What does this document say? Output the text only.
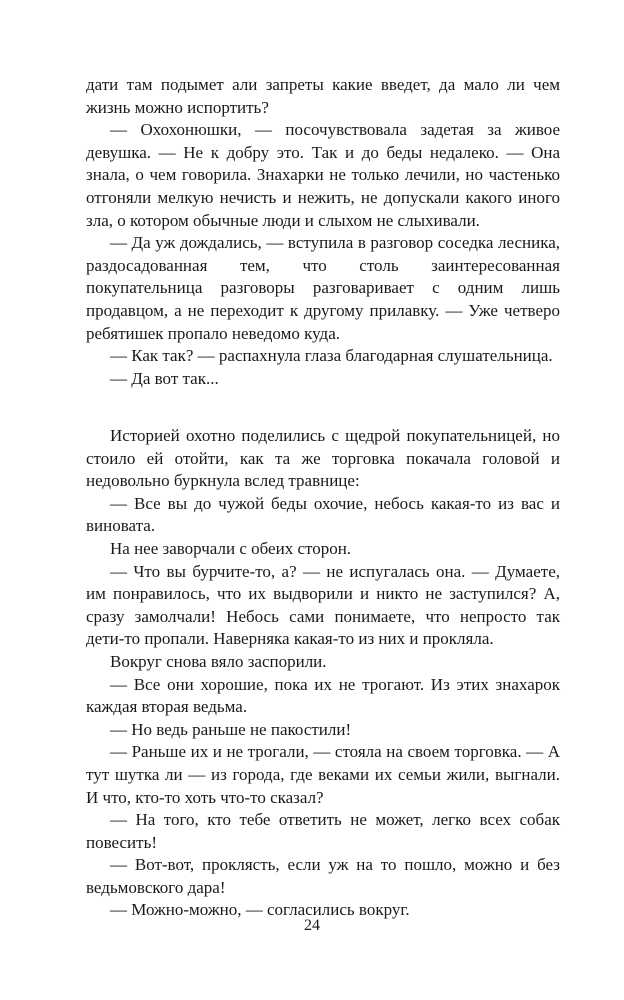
дати там подымет али запреты какие введет, да мало ли чем жизнь можно испортить?

— Охохонюшки, — посочувствовала задетая за живое девушка. — Не к добру это. Так и до беды недалеко. — Она знала, о чем говорила. Знахарки не только лечили, но частенько отгоняли мелкую нечисть и нежить, не допускали какого иного зла, о котором обычные люди и слыхом не слыхивали.

— Да уж дождались, — вступила в разговор соседка лесника, раздосадованная тем, что столь заинтересованная покупательница разговоры разговаривает с одним лишь продавцом, а не переходит к другому прилавку. — Уже четверо ребятишек пропало неведомо куда.

— Как так? — распахнула глаза благодарная слушательница.

— Да вот так...

Историей охотно поделились с щедрой покупательницей, но стоило ей отойти, как та же торговка покачала головой и недовольно буркнула вслед травнице:

— Все вы до чужой беды охочие, небось какая-то из вас и виновата.

На нее заворчали с обеих сторон.

— Что вы бурчите-то, а? — не испугалась она. — Думаете, им понравилось, что их выдворили и никто не заступился? А, сразу замолчали! Небось сами понимаете, что непросто так дети-то пропали. Наверняка какая-то из них и прокляла.

Вокруг снова вяло заспорили.

— Все они хорошие, пока их не трогают. Из этих знахарок каждая вторая ведьма.

— Но ведь раньше не пакостили!

— Раньше их и не трогали, — стояла на своем торговка. — А тут шутка ли — из города, где веками их семьи жили, выгнали. И что, кто-то хоть что-то сказал?

— На того, кто тебе ответить не может, легко всех собак повесить!

— Вот-вот, проклясть, если уж на то пошло, можно и без ведьмовского дара!

— Можно-можно, — согласились вокруг.

24
